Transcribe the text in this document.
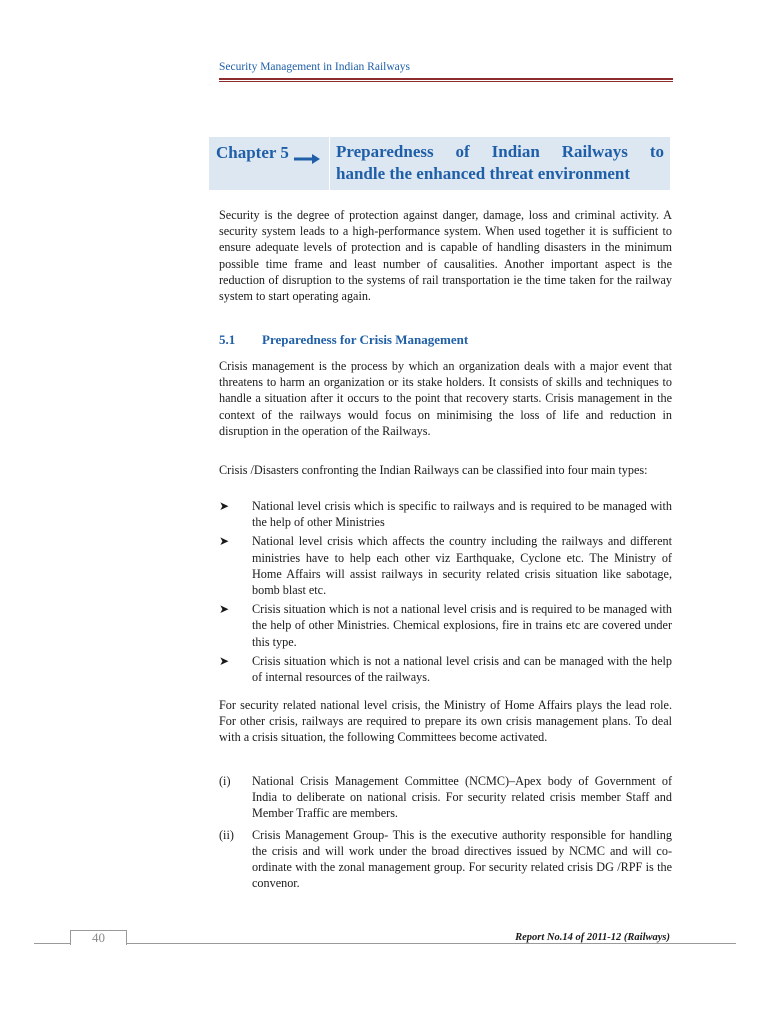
Security Management in Indian Railways
Chapter 5	Preparedness of Indian Railways to
handle the enhanced threat environment

Security is the degree of protection against danger, damage, loss and criminal activity. A security system leads to a high-performance system. When used together it is sufficient to ensure adequate levels of protection and is capable of handling disasters in the minimum possible time frame and least number of causalities. Another important aspect is the reduction of disruption to the systems of rail transportation ie the time taken for the railway system to start operating again.

5.1 Preparedness for Crisis Management

Crisis management is the process by which an organization deals with a major event that threatens to harm an organization or its stake holders. It consists of skills and techniques to handle a situation after it occurs to the point that recovery starts. Crisis management in the context of the railways would focus on minimising the loss of life and reduction in disruption in the operation of the Railways.

Crisis /Disasters confronting the Indian Railways can be classified into four main types:

➤	National level crisis which is specific to railways and is required to be managed with the help of other Ministries
➤	National level crisis which affects the country including the railways and different ministries have to help each other viz Earthquake, Cyclone etc. The Ministry of Home Affairs will assist railways in security related crisis situation like sabotage, bomb blast etc.
➤	Crisis situation which is not a national level crisis and is required to be managed with the help of other Ministries. Chemical explosions, fire in trains etc are covered under this type.
➤	Crisis situation which is not a national level crisis and can be managed with the help of internal resources of the railways.

For security related national level crisis, the Ministry of Home Affairs plays the lead role. For other crisis, railways are required to prepare its own crisis management plans. To deal with a crisis situation, the following Committees become activated.

(i)	National Crisis Management Committee (NCMC)–Apex body of Government of India to deliberate on national crisis. For security related crisis member Staff and Member Traffic are members.
(ii)	Crisis Management Group- This is the executive authority responsible for handling the crisis and will work under the broad directives issued by NCMC and will co-ordinate with the zonal management group. For security related crisis DG /RPF is the convenor.
40	Report No.14 of 2011-12 (Railways)
